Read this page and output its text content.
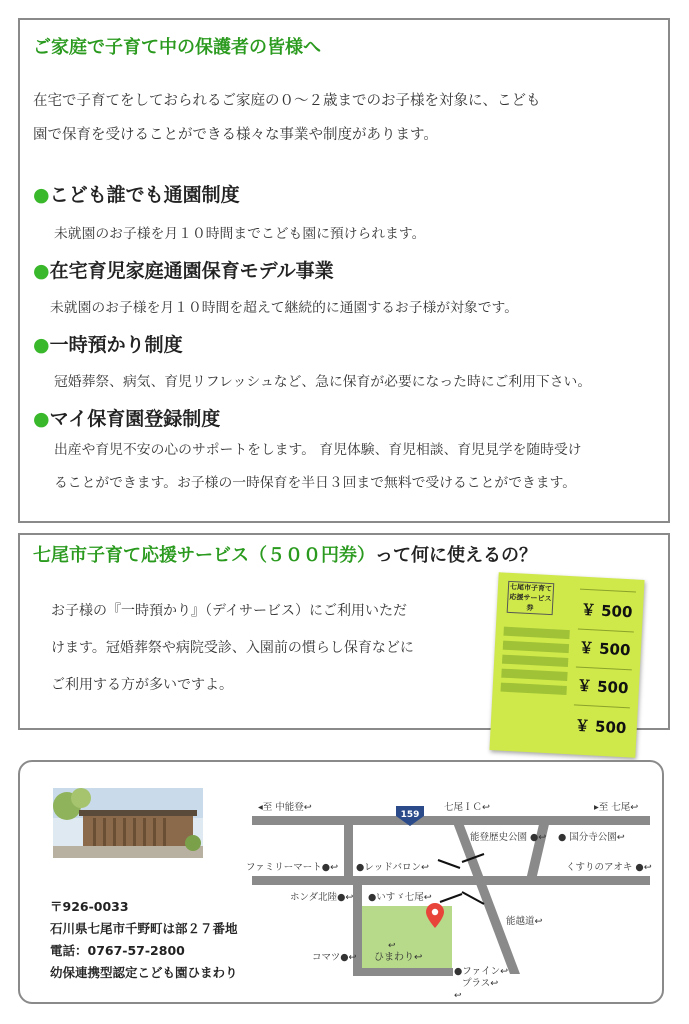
ご家庭で子育て中の保護者の皆様へ
在宅で子育てをしておられるご家庭の０～２歳までのお子様を対象に、こども
園で保育を受けることができる様々な事業や制度があります。
●こども誰でも通園制度
未就園のお子様を月１０時間までこども園に預けられます。
●在宅育児家庭通園保育モデル事業
未就園のお子様を月１０時間を超えて継続的に通園するお子様が対象です。
●一時預かり制度
冠婚葬祭、病気、育児リフレッシュなど、急に保育が必要になった時にご利用下さい。
●マイ保育園登録制度
出産や育児不安の心のサポートをします。 育児体験、育児相談、育児見学を随時受け
ることができます。お子様の一時保育を半日３回まで無料で受けることができます。
七尾市子育て応援サービス（５００円券）って何に使えるの？
お子様の『一時預かり』（デイサービス）にご利用いただ
けます。冠婚葬祭や病院受診、入園前の慣らし保育などに
ご利用する方が多いですよ。
七尾市子育て
応援サービス券	￥ 500
￥ 500
￥ 500
￥ 500
〒926-0033
石川県七尾市千野町は部２７番地
電話：0767-57-2800
幼保連携型認定こども園ひまわり
159
◂至 中能登↩	▸至 七尾↩
七尾ＩＣ↩
能登歴史公園 ●↩ ● 国分寺公園↩
ファミリーマート●↩ ●レッドバロン↩	くすりのアオキ ●↩
ホンダ北陸●↩ ●いすゞ七尾↩
能越道↩
コマツ●↩
↩
ひまわり↩
●ファイン↩
プラス↩
↩
